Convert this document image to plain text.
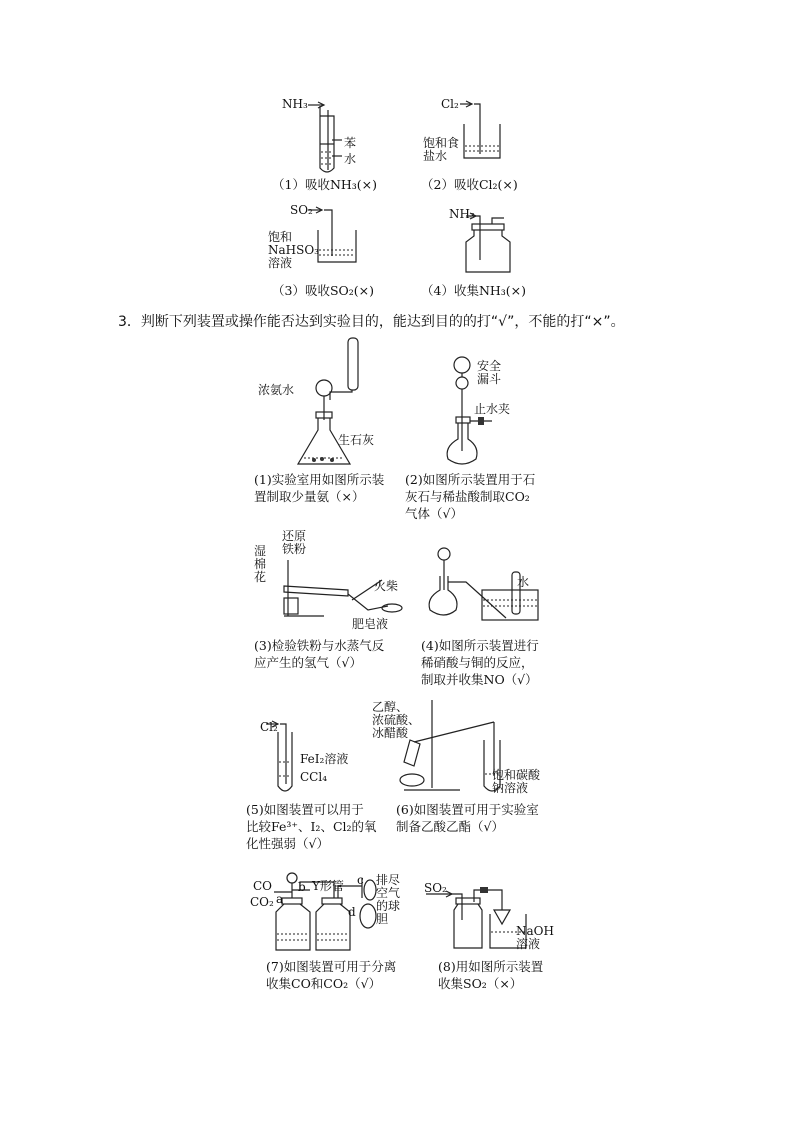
NH₃
苯
水
（1）吸收NH₃(×)
Cl₂
饱和食
盐水
（2）吸收Cl₂(×)
SO₂
饱和
NaHSO₃
溶液
（3）吸收SO₂(×)
NH₃
（4）收集NH₃(×)
3．判断下列装置或操作能否达到实验目的，能达到目的的打“√”，不能的打“×”。
浓氨水
生石灰
(1)实验室用如图所示装
置制取少量氨（×）
安全
漏斗
止水夹
(2)如图所示装置用于石
灰石与稀盐酸制取CO₂
气体（√）
湿
棉
花
还原
铁粉
火柴
肥皂液
(3)检验铁粉与水蒸气反
应产生的氢气（√）
水
(4)如图所示装置进行
稀硝酸与铜的反应，
制取并收集NO（√）
Cl₂
FeI₂溶液
CCl₄
(5)如图装置可以用于
比较Fe³⁺、I₂、Cl₂的氧
化性强弱（√）
乙醇、
浓硫酸、
冰醋酸
饱和碳酸
钠溶液
(6)如图装置可用于实验室
制备乙酸乙酯（√）
CO
CO₂ a
b Y形管 c
d
排尽
空气
的球
胆
(7)如图装置可用于分离
收集CO和CO₂（√）
SO₂
NaOH
溶液
(8)用如图所示装置
收集SO₂（×）
